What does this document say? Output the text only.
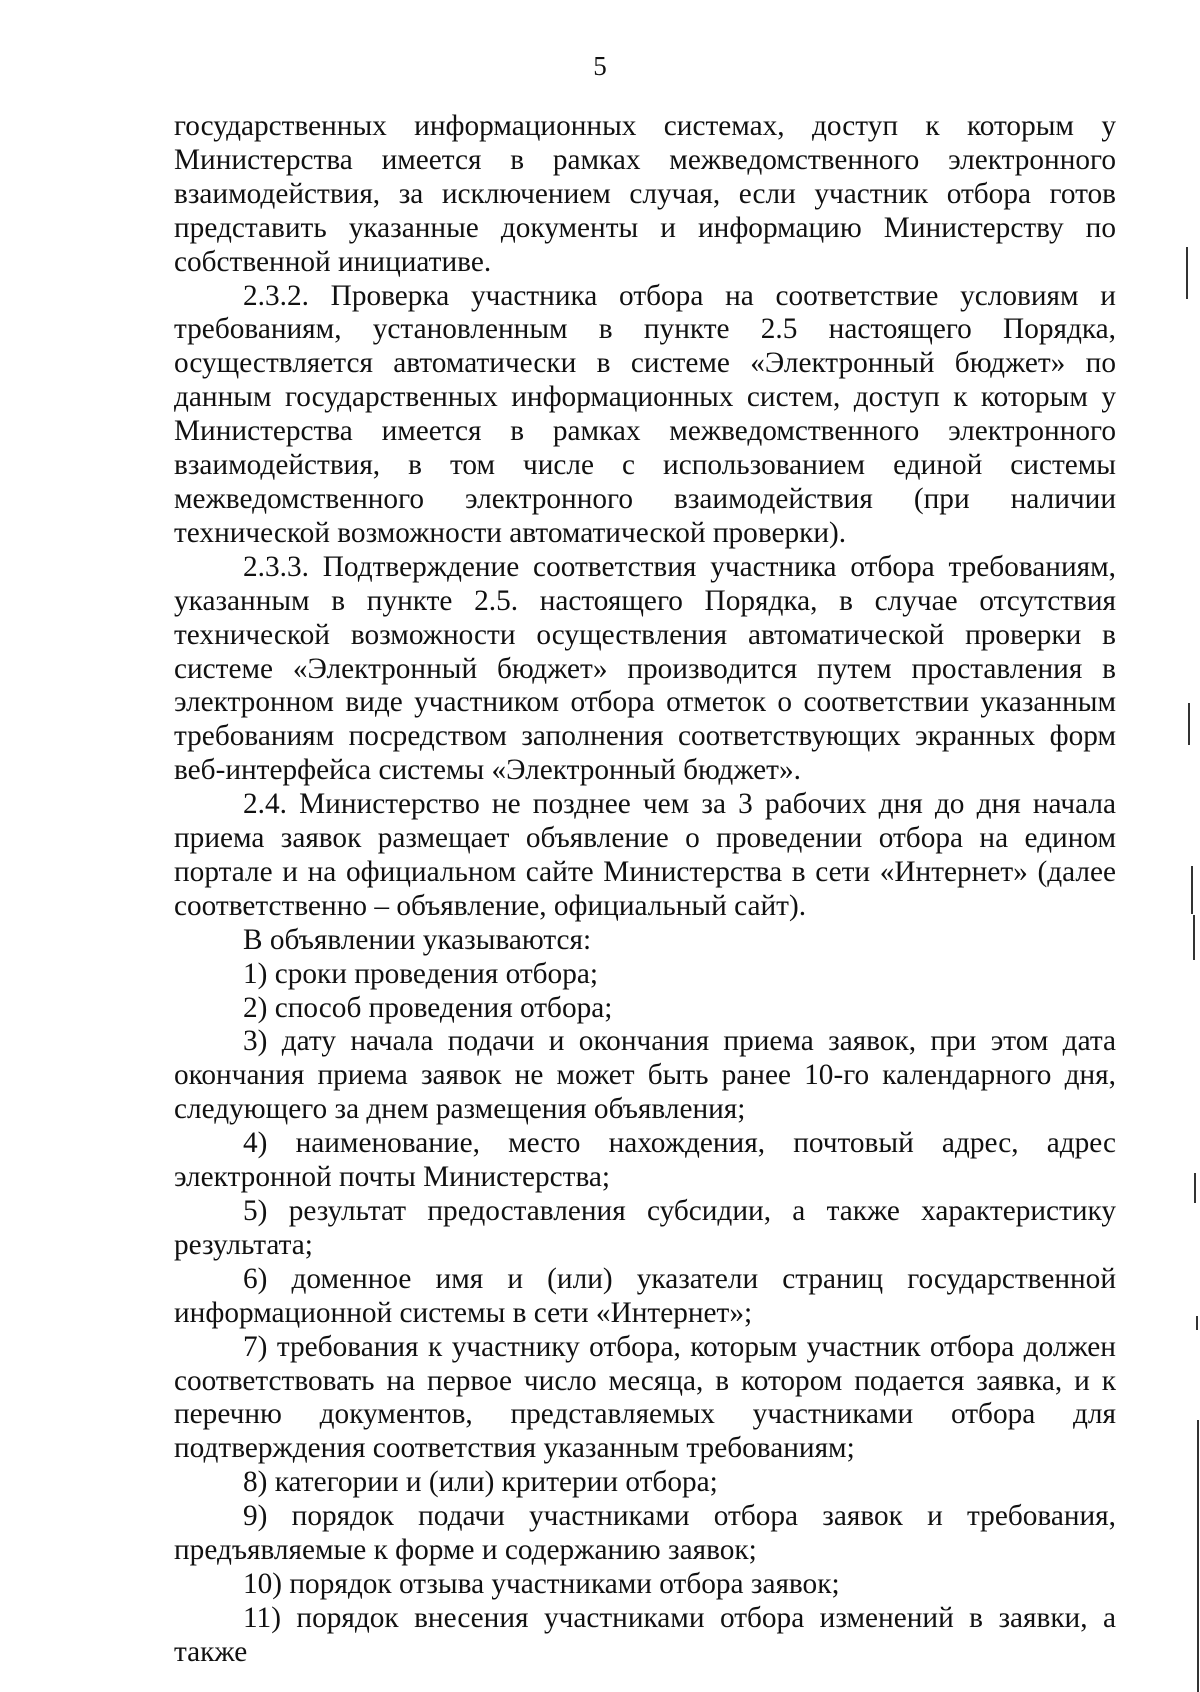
5

государственных информационных системах, доступ к которым у Министерства имеется в рамках межведомственного электронного взаимодействия, за исключением случая, если участник отбора готов представить указанные документы и информацию Министерству по собственной инициативе.

2.3.2. Проверка участника отбора на соответствие условиям и требованиям, установленным в пункте 2.5 настоящего Порядка, осуществляется автоматически в системе «Электронный бюджет» по данным государственных информационных систем, доступ к которым у Министерства имеется в рамках межведомственного электронного взаимодействия, в том числе с использованием единой системы межведомственного электронного взаимодействия (при наличии технической возможности автоматической проверки).

2.3.3. Подтверждение соответствия участника отбора требованиям, указанным в пункте 2.5. настоящего Порядка, в случае отсутствия технической возможности осуществления автоматической проверки в системе «Электронный бюджет» производится путем проставления в электронном виде участником отбора отметок о соответствии указанным требованиям посредством заполнения соответствующих экранных форм веб-интерфейса системы «Электронный бюджет».

2.4. Министерство не позднее чем за 3 рабочих дня до дня начала приема заявок размещает объявление о проведении отбора на едином портале и на официальном сайте Министерства в сети «Интернет» (далее соответственно – объявление, официальный сайт).

В объявлении указываются:

1) сроки проведения отбора;

2) способ проведения отбора;

3) дату начала подачи и окончания приема заявок, при этом дата окончания приема заявок не может быть ранее 10-го календарного дня, следующего за днем размещения объявления;

4) наименование, место нахождения, почтовый адрес, адрес электронной почты Министерства;

5) результат предоставления субсидии, а также характеристику результата;

6) доменное имя и (или) указатели страниц государственной информационной системы в сети «Интернет»;

7) требования к участнику отбора, которым участник отбора должен соответствовать на первое число месяца, в котором подается заявка, и к перечню документов, представляемых участниками отбора для подтверждения соответствия указанным требованиям;

8) категории и (или) критерии отбора;

9) порядок подачи участниками отбора заявок и требования, предъявляемые к форме и содержанию заявок;

10) порядок отзыва участниками отбора заявок;

11) порядок внесения участниками отбора изменений в заявки, а также
